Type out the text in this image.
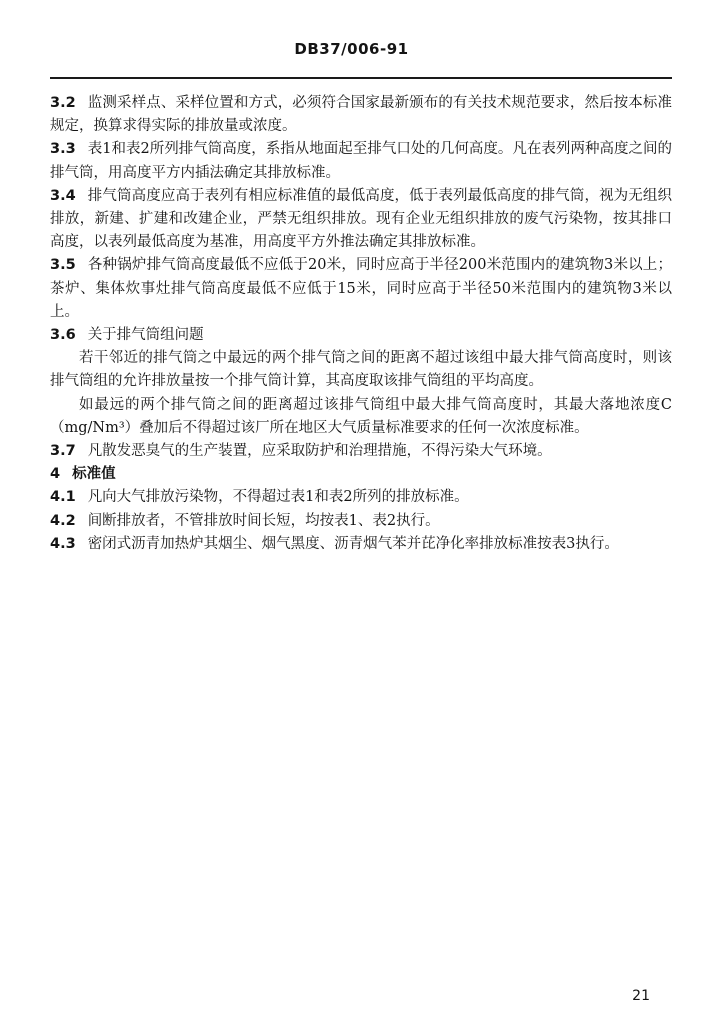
DB37/006-91

3.2 监测采样点、采样位置和方式，必须符合国家最新颁布的有关技术规范要求，然后按本标准规定，换算求得实际的排放量或浓度。

3.3 表1和表2所列排气筒高度，系指从地面起至排气口处的几何高度。凡在表列两种高度之间的排气筒，用高度平方内插法确定其排放标准。

3.4 排气筒高度应高于表列有相应标准值的最低高度，低于表列最低高度的排气筒，视为无组织排放，新建、扩建和改建企业，严禁无组织排放。现有企业无组织排放的废气污染物，按其排口高度，以表列最低高度为基准，用高度平方外推法确定其排放标准。

3.5 各种锅炉排气筒高度最低不应低于20米，同时应高于半径200米范围内的建筑物3米以上；茶炉、集体炊事灶排气筒高度最低不应低于15米，同时应高于半径50米范围内的建筑物3米以上。

3.6 关于排气筒组问题

若干邻近的排气筒之中最远的两个排气筒之间的距离不超过该组中最大排气筒高度时，则该排气筒组的允许排放量按一个排气筒计算，其高度取该排气筒组的平均高度。

如最远的两个排气筒之间的距离超过该排气筒组中最大排气筒高度时，其最大落地浓度C（mg/Nm³）叠加后不得超过该厂所在地区大气质量标准要求的任何一次浓度标准。

3.7 凡散发恶臭气的生产装置，应采取防护和治理措施，不得污染大气环境。

4 标准值

4.1 凡向大气排放污染物，不得超过表1和表2所列的排放标准。

4.2 间断排放者，不管排放时间长短，均按表1、表2执行。

4.3 密闭式沥青加热炉其烟尘、烟气黑度、沥青烟气苯并芘净化率排放标准按表3执行。

21
